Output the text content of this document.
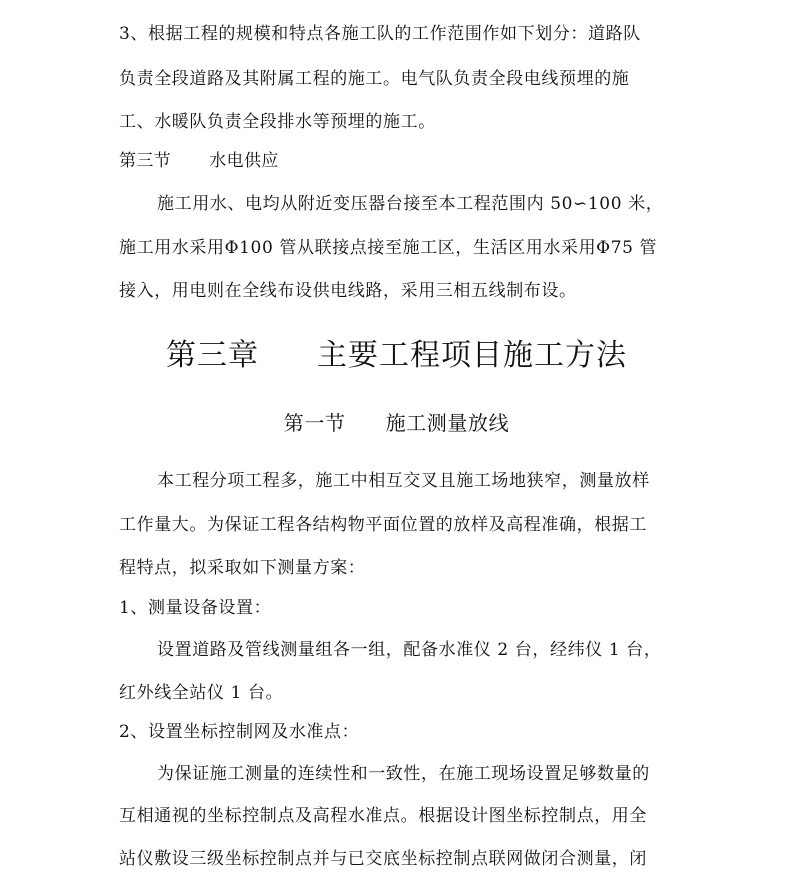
3、根据工程的规模和特点各施工队的工作范围作如下划分：道路队
负责全段道路及其附属工程的施工。电气队负责全段电线预埋的施
工、水暖队负责全段排水等预埋的施工。
第三节 水电供应
施工用水、电均从附近变压器台接至本工程范围内 50∽100 米，
施工用水采用Φ100 管从联接点接至施工区，生活区用水采用Φ75 管
接入，用电则在全线布设供电线路，采用三相五线制布设。
第三章 主要工程项目施工方法
第一节 施工测量放线
本工程分项工程多，施工中相互交叉且施工场地狭窄，测量放样
工作量大。为保证工程各结构物平面位置的放样及高程准确，根据工
程特点，拟采取如下测量方案：
1、测量设备设置：
设置道路及管线测量组各一组，配备水准仪 2 台，经纬仪 1 台，
红外线全站仪 1 台。
2、设置坐标控制网及水准点：
为保证施工测量的连续性和一致性，在施工现场设置足够数量的
互相通视的坐标控制点及高程水准点。根据设计图坐标控制点，用全
站仪敷设三级坐标控制点并与已交底坐标控制点联网做闭合测量，闭
